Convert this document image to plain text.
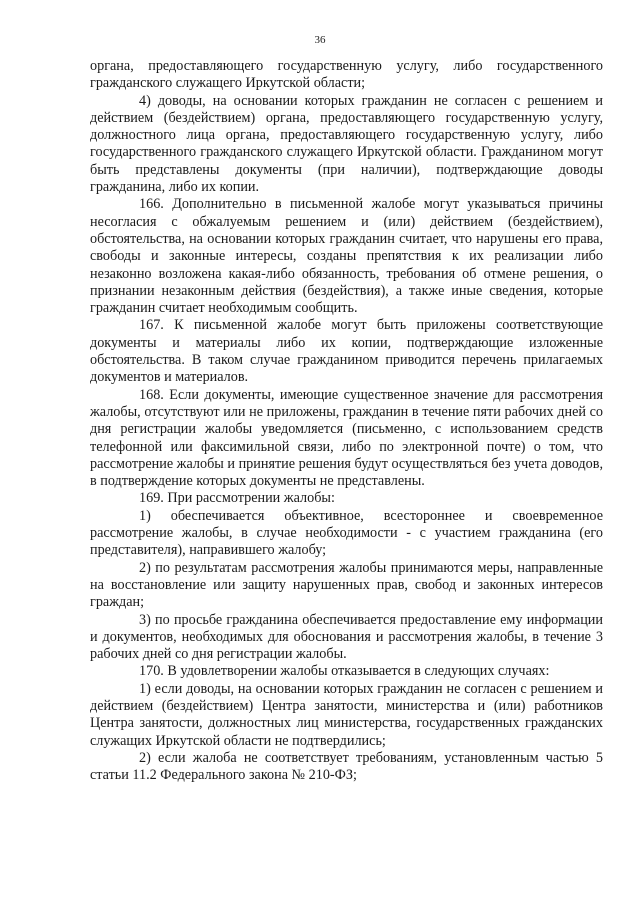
36

органа, предоставляющего государственную услугу, либо государственного гражданского служащего Иркутской области;

4) доводы, на основании которых гражданин не согласен с решением и действием (бездействием) органа, предоставляющего государственную услугу, должностного лица органа, предоставляющего государственную услугу, либо государственного гражданского служащего Иркутской области. Гражданином могут быть представлены документы (при наличии), подтверждающие доводы гражданина, либо их копии.

166. Дополнительно в письменной жалобе могут указываться причины несогласия с обжалуемым решением и (или) действием (бездействием), обстоятельства, на основании которых гражданин считает, что нарушены его права, свободы и законные интересы, созданы препятствия к их реализации либо незаконно возложена какая-либо обязанность, требования об отмене решения, о признании незаконным действия (бездействия), а также иные сведения, которые гражданин считает необходимым сообщить.

167. К письменной жалобе могут быть приложены соответствующие документы и материалы либо их копии, подтверждающие изложенные обстоятельства. В таком случае гражданином приводится перечень прилагаемых документов и материалов.

168. Если документы, имеющие существенное значение для рассмотрения жалобы, отсутствуют или не приложены, гражданин в течение пяти рабочих дней со дня регистрации жалобы уведомляется (письменно, с использованием средств телефонной или факсимильной связи, либо по электронной почте) о том, что рассмотрение жалобы и принятие решения будут осуществляться без учета доводов, в подтверждение которых документы не представлены.

169. При рассмотрении жалобы:

1) обеспечивается объективное, всестороннее и своевременное рассмотрение жалобы, в случае необходимости - с участием гражданина (его представителя), направившего жалобу;

2) по результатам рассмотрения жалобы принимаются меры, направленные на восстановление или защиту нарушенных прав, свобод и законных интересов граждан;

3) по просьбе гражданина обеспечивается предоставление ему информации и документов, необходимых для обоснования и рассмотрения жалобы, в течение 3 рабочих дней со дня регистрации жалобы.

170. В удовлетворении жалобы отказывается в следующих случаях:

1) если доводы, на основании которых гражданин не согласен с решением и действием (бездействием) Центра занятости, министерства и (или) работников Центра занятости, должностных лиц министерства, государственных гражданских служащих Иркутской области не подтвердились;

2) если жалоба не соответствует требованиям, установленным частью 5 статьи 11.2 Федерального закона № 210-ФЗ;
